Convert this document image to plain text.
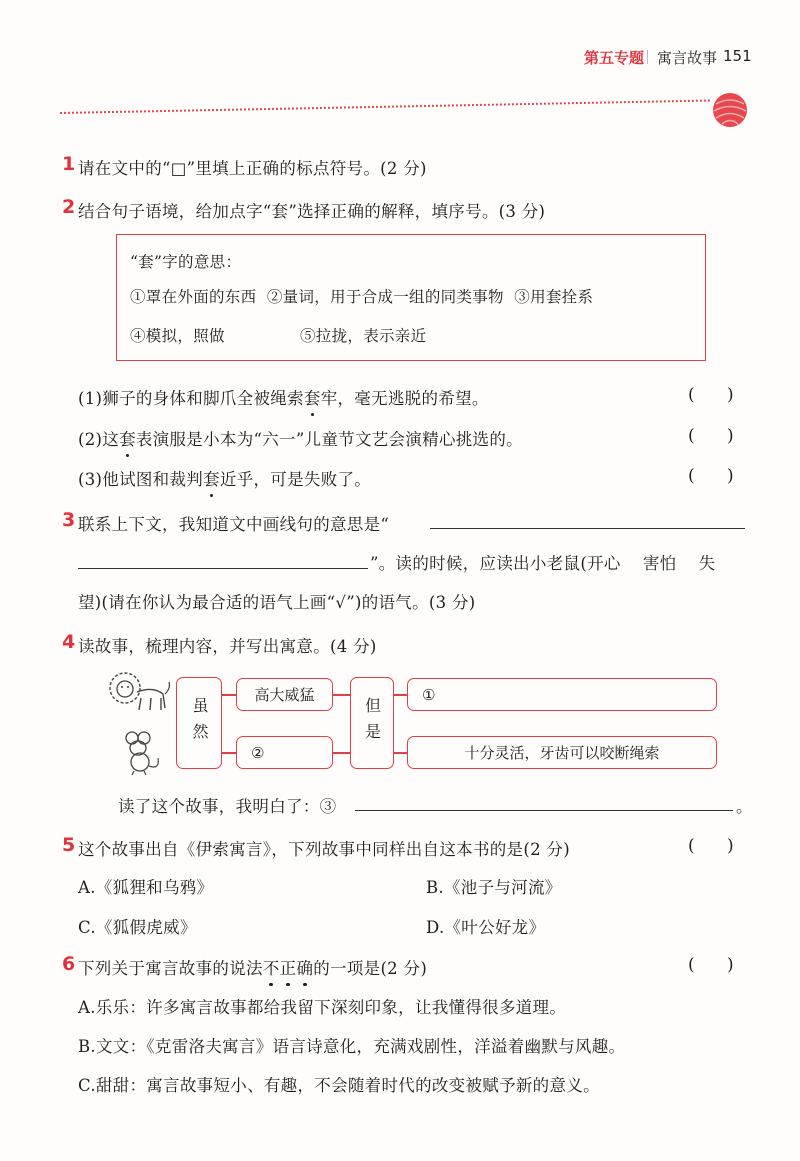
第五专题 寓言故事 151
1 请在文中的“□”里填上正确的标点符号。(2 分)
2 结合句子语境，给加点字“套”选择正确的解释，填序号。(3 分)
“套”字的意思：
①罩在外面的东西  ②量词，用于合成一组的同类事物  ③用套拴系
④模拟，照做	⑤拉拢，表示亲近
(1)狮子的身体和脚爪全被绳索套牢，毫无逃脱的希望。	(      )
(2)这套表演服是小本为“六一”儿童节文艺会演精心挑选的。	(      )
(3)他试图和裁判套近乎，可是失败了。	(      )
3 联系上下文，我知道文中画线句的意思是“
”。读的时候，应读出小老鼠(开心    害怕    失
望)(请在你认为最合适的语气上画“√”)的语气。(3 分)
4 读故事，梳理内容，并写出寓意。(4 分)
虽然
高大威猛
②
但是
①
十分灵活，牙齿可以咬断绳索
读了这个故事，我明白了：③	。
5 这个故事出自《伊索寓言》，下列故事中同样出自这本书的是(2 分)	(      )
A.《狐狸和乌鸦》	B.《池子与河流》
C.《狐假虎威》	D.《叶公好龙》
6 下列关于寓言故事的说法不正确的一项是(2 分)	(      )
A.乐乐：许多寓言故事都给我留下深刻印象，让我懂得很多道理。
B.文文：《克雷洛夫寓言》语言诗意化，充满戏剧性，洋溢着幽默与风趣。
C.甜甜：寓言故事短小、有趣，不会随着时代的改变被赋予新的意义。
